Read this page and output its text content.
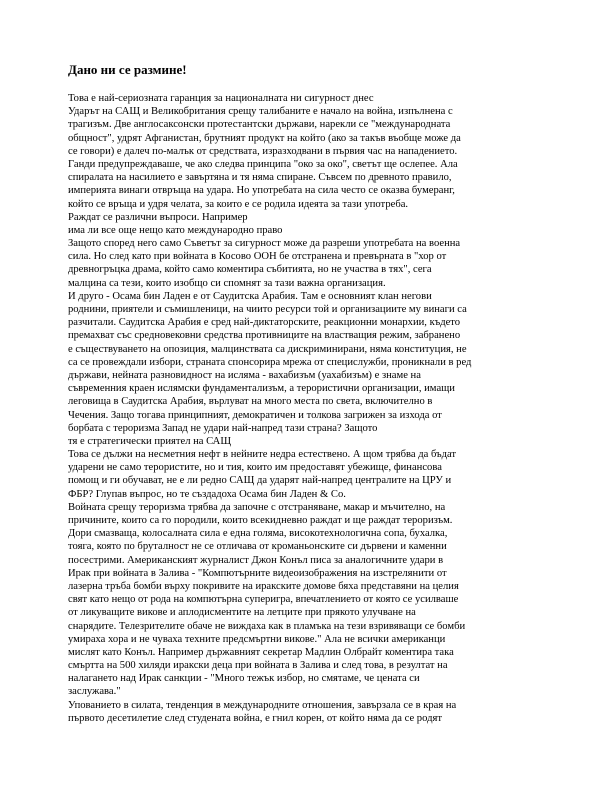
Дано ни се размине!
Това е най-сериозната гаранция за националната ни сигурност днес
Ударът на САЩ и Великобритания срещу талибаните е начало на война, изпълнена с
трагизъм. Две англосаксонски протестантски държави, нарекли се "международната
общност", удрят Афганистан, брутният продукт на който (ако за такъв въобще може да
се говори) е далеч по-малък от средствата, изразходвани в първия час на нападението.
Ганди предупреждаваше, че ако следва принципа "око за око", светът ще ослепее. Ала
спиралата на насилието е завъртяна и тя няма спиране. Съвсем по древното правило,
империята винаги отвръща на удара. Но употребата на сила често се оказва бумеранг,
който се връща и удря челата, за които е се родила идеята за тази употреба.
Раждат се различни въпроси. Например
има ли все още нещо като международно право
Защото според него само Съветът за сигурност може да разреши употребата на военна
сила. Но след като при войната в Косово ООН бе отстранена и превърната в "хор от
древногръцка драма, който само коментира събитията, но не участва в тях", сега
малцина са тези, които изобщо си спомнят за тази важна организация.
И друго - Осама бин Ладен е от Саудитска Арабия. Там е основният клан негови
роднини, приятели и съмишленици, на чиито ресурси той и организациите му винаги са
разчитали. Саудитска Арабия е сред най-диктаторските, реакционни монархии, където
премахват със средновековни средства противниците на властващия режим, забранено
е съществуването на опозиция, малцинствата са дискриминирани, няма конституция, не
са се провеждали избори, страната спонсорира мрежа от специслужби, проникнали в ред
държави, нейната разновидност на ислямa - вахабизъм (уахабизъм) е знаме на
съвременния краен ислямски фундаментализъм, а терористични организации, имащи
леговища в Саудитска Арабия, върлуват на много места по света, включително в
Чечения. Защо тогава принципният, демократичен и толкова загрижен за изхода от
борбата с тероризма Запад не удари най-напред тази страна? Защото
тя е стратегически приятел на САЩ
Това се дължи на несметния нефт в нейните недра естествено. А щом трябва да бъдат
ударени не само терористите, но и тия, които им предоставят убежище, финансова
помощ и ги обучават, не е ли редно САЩ да ударят най-напред централите на ЦРУ и
ФБР? Глупав въпрос, но те създадоха Осама бин Ладен & Co.
Войната срещу тероризма трябва да започне с отстраняване, макар и мъчително, на
причините, които са го породили, които всекидневно раждат и ще раждат тероризъм.
Дори смазваща, колосалната сила е една голяма, високотехнологична сопа, бухалка,
тояга, която по бруталност не се отличава от кроманьонските си дървени и каменни
посестрими. Американският журналист Джон Конъл писа за аналогичните удари в
Ирак при войната в Залива - "Компютърните видеоизображения на изстрелянити от
лазерна тръба бомби върху покривите на иракските домове бяха представяни на целия
свят като нещо от рода на компютърна суперигра, впечатлението от която се усилваше
от ликуващите викове и аплодисментите на летците при прякото улучване на
снарядите. Телезрителите обаче не виждаха как в пламъка на тези взривяващи се бомби
умираха хора и не чуваха техните предсмъртни викове." Ала не всички американци
мислят като Конъл. Например държавният секретар Мадлин Олбрайт коментира така
смъртта на 500 хиляди иракски деца при войната в Залива и след това, в резултат на
налагането над Ирак санкции - "Много тежък избор, но смятаме, че цената си
заслужава."
Упованието в силата, тенденция в международните отношения, завързала се в края на
първото десетилетие след студената война, е гнил корен, от който няма да се родят
